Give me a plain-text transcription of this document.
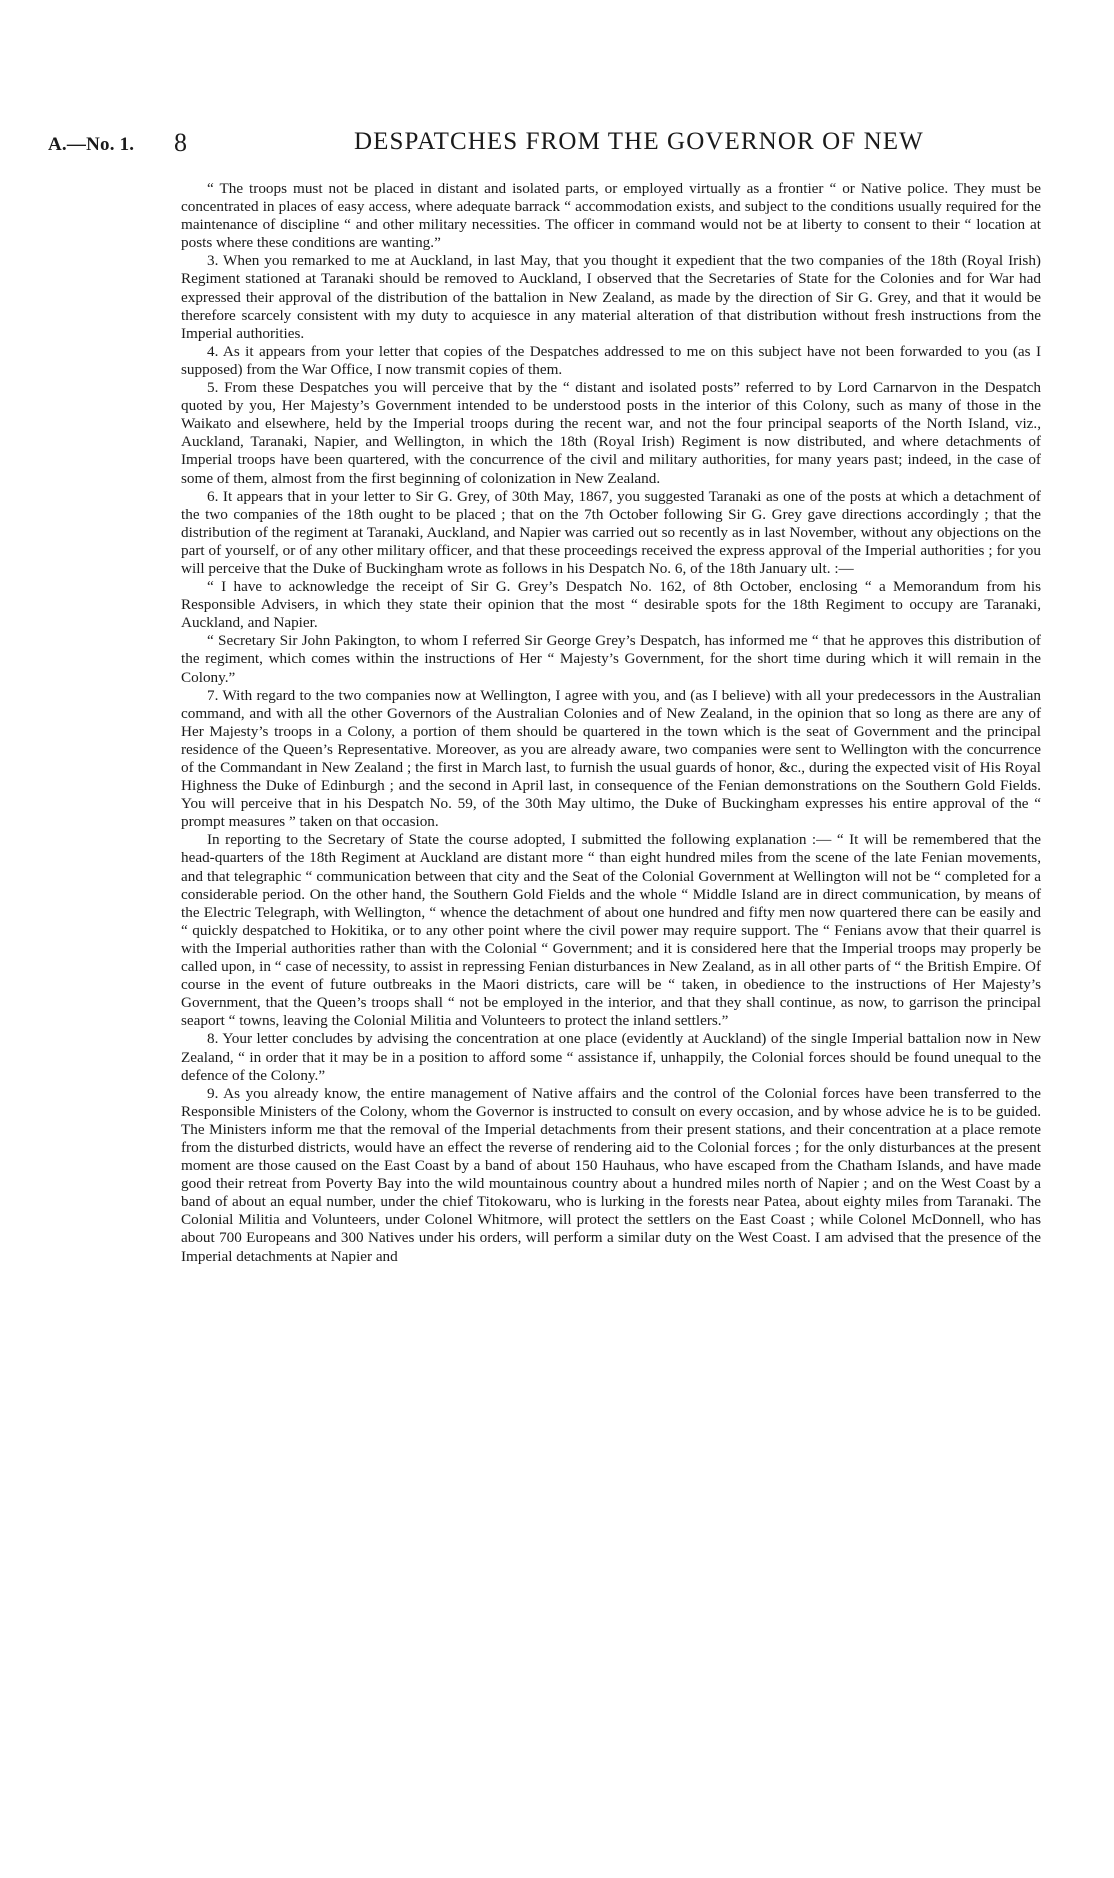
A.—No. 1. 8	DESPATCHES FROM THE GOVERNOR OF NEW

“ The troops must not be placed in distant and isolated parts, or employed virtually as a frontier “ or Native police. They must be concentrated in places of easy access, where adequate barrack “ accommodation exists, and subject to the conditions usually required for the maintenance of discipline “ and other military necessities. The officer in command would not be at liberty to consent to their “ location at posts where these conditions are wanting.”

3. When you remarked to me at Auckland, in last May, that you thought it expedient that the two companies of the 18th (Royal Irish) Regiment stationed at Taranaki should be removed to Auckland, I observed that the Secretaries of State for the Colonies and for War had expressed their approval of the distribution of the battalion in New Zealand, as made by the direction of Sir G. Grey, and that it would be therefore scarcely consistent with my duty to acquiesce in any material alteration of that distribution without fresh instructions from the Imperial authorities.

4. As it appears from your letter that copies of the Despatches addressed to me on this subject have not been forwarded to you (as I supposed) from the War Office, I now transmit copies of them.

5. From these Despatches you will perceive that by the “ distant and isolated posts” referred to by Lord Carnarvon in the Despatch quoted by you, Her Majesty’s Government intended to be understood posts in the interior of this Colony, such as many of those in the Waikato and elsewhere, held by the Imperial troops during the recent war, and not the four principal seaports of the North Island, viz., Auckland, Taranaki, Napier, and Wellington, in which the 18th (Royal Irish) Regiment is now distributed, and where detachments of Imperial troops have been quartered, with the concurrence of the civil and military authorities, for many years past; indeed, in the case of some of them, almost from the first beginning of colonization in New Zealand.

6. It appears that in your letter to Sir G. Grey, of 30th May, 1867, you suggested Taranaki as one of the posts at which a detachment of the two companies of the 18th ought to be placed ; that on the 7th October following Sir G. Grey gave directions accordingly ; that the distribution of the regiment at Taranaki, Auckland, and Napier was carried out so recently as in last November, without any objections on the part of yourself, or of any other military officer, and that these proceedings received the express approval of the Imperial authorities ; for you will perceive that the Duke of Buckingham wrote as follows in his Despatch No. 6, of the 18th January ult. :—

“ I have to acknowledge the receipt of Sir G. Grey’s Despatch No. 162, of 8th October, enclosing “ a Memorandum from his Responsible Advisers, in which they state their opinion that the most “ desirable spots for the 18th Regiment to occupy are Taranaki, Auckland, and Napier.

“ Secretary Sir John Pakington, to whom I referred Sir George Grey’s Despatch, has informed me “ that he approves this distribution of the regiment, which comes within the instructions of Her “ Majesty’s Government, for the short time during which it will remain in the Colony.”

7. With regard to the two companies now at Wellington, I agree with you, and (as I believe) with all your predecessors in the Australian command, and with all the other Governors of the Australian Colonies and of New Zealand, in the opinion that so long as there are any of Her Majesty’s troops in a Colony, a portion of them should be quartered in the town which is the seat of Government and the principal residence of the Queen’s Representative. Moreover, as you are already aware, two companies were sent to Wellington with the concurrence of the Commandant in New Zealand ; the first in March last, to furnish the usual guards of honor, &c., during the expected visit of His Royal Highness the Duke of Edinburgh ; and the second in April last, in consequence of the Fenian demonstrations on the Southern Gold Fields. You will perceive that in his Despatch No. 59, of the 30th May ultimo, the Duke of Buckingham expresses his entire approval of the “ prompt measures ” taken on that occasion.

In reporting to the Secretary of State the course adopted, I submitted the following explanation :— “ It will be remembered that the head-quarters of the 18th Regiment at Auckland are distant more “ than eight hundred miles from the scene of the late Fenian movements, and that telegraphic “ communication between that city and the Seat of the Colonial Government at Wellington will not be “ completed for a considerable period. On the other hand, the Southern Gold Fields and the whole “ Middle Island are in direct communication, by means of the Electric Telegraph, with Wellington, “ whence the detachment of about one hundred and fifty men now quartered there can be easily and “ quickly despatched to Hokitika, or to any other point where the civil power may require support. The “ Fenians avow that their quarrel is with the Imperial authorities rather than with the Colonial “ Government; and it is considered here that the Imperial troops may properly be called upon, in “ case of necessity, to assist in repressing Fenian disturbances in New Zealand, as in all other parts of “ the British Empire. Of course in the event of future outbreaks in the Maori districts, care will be “ taken, in obedience to the instructions of Her Majesty’s Government, that the Queen’s troops shall “ not be employed in the interior, and that they shall continue, as now, to garrison the principal seaport “ towns, leaving the Colonial Militia and Volunteers to protect the inland settlers.”

8. Your letter concludes by advising the concentration at one place (evidently at Auckland) of the single Imperial battalion now in New Zealand, “ in order that it may be in a position to afford some “ assistance if, unhappily, the Colonial forces should be found unequal to the defence of the Colony.”

9. As you already know, the entire management of Native affairs and the control of the Colonial forces have been transferred to the Responsible Ministers of the Colony, whom the Governor is instructed to consult on every occasion, and by whose advice he is to be guided. The Ministers inform me that the removal of the Imperial detachments from their present stations, and their concentration at a place remote from the disturbed districts, would have an effect the reverse of rendering aid to the Colonial forces ; for the only disturbances at the present moment are those caused on the East Coast by a band of about 150 Hauhaus, who have escaped from the Chatham Islands, and have made good their retreat from Poverty Bay into the wild mountainous country about a hundred miles north of Napier ; and on the West Coast by a band of about an equal number, under the chief Titokowaru, who is lurking in the forests near Patea, about eighty miles from Taranaki. The Colonial Militia and Volunteers, under Colonel Whitmore, will protect the settlers on the East Coast ; while Colonel McDonnell, who has about 700 Europeans and 300 Natives under his orders, will perform a similar duty on the West Coast. I am advised that the presence of the Imperial detachments at Napier and
